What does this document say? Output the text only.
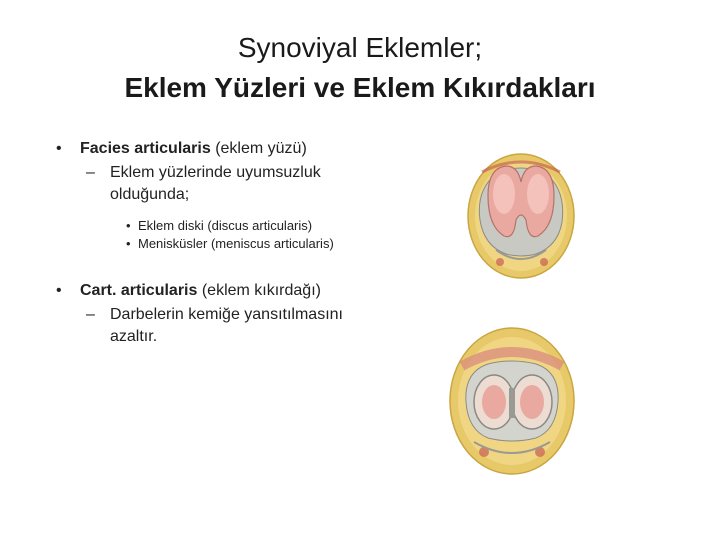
Synoviyal Eklemler;
Eklem Yüzleri ve Eklem Kıkırdakları
• Facies articularis (eklem yüzü)
– Eklem yüzlerinde uyumsuzluk olduğunda;
• Eklem diski (discus articularis)
• Menisküsler (meniscus articularis)
• Cart. articularis (eklem kıkırdağı)
– Darbelerin kemiğe yansıtılmasını azaltır.
